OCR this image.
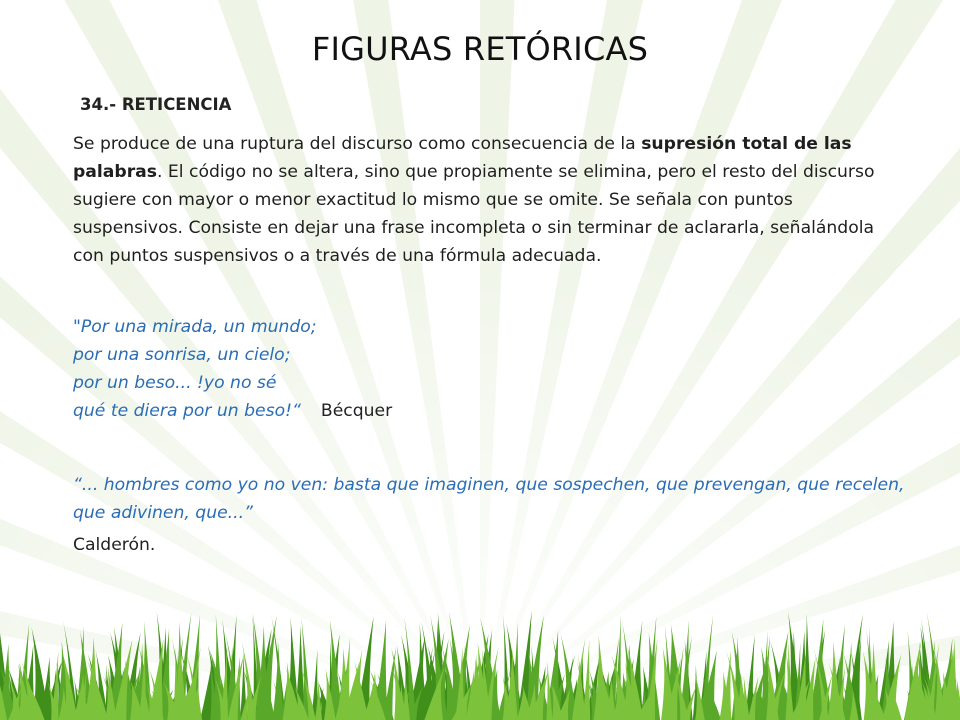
FIGURAS RETÓRICAS
34.- RETICENCIA

Se produce de una ruptura del discurso como consecuencia de la supresión total de las palabras. El código no se altera, sino que propiamente se elimina, pero el resto del discurso sugiere con mayor o menor exactitud lo mismo que se omite. Se señala con puntos suspensivos. Consiste en dejar una frase incompleta o sin terminar de aclararla, señalándola con puntos suspensivos o a través de una fórmula adecuada.

"Por una mirada, un mundo;
por una sonrisa, un cielo;
por un beso... !yo no sé
qué te diera por un beso!“ Bécquer

“... hombres como yo no ven: basta que imaginen, que sospechen, que prevengan, que recelen, que adivinen, que...”

Calderón.
